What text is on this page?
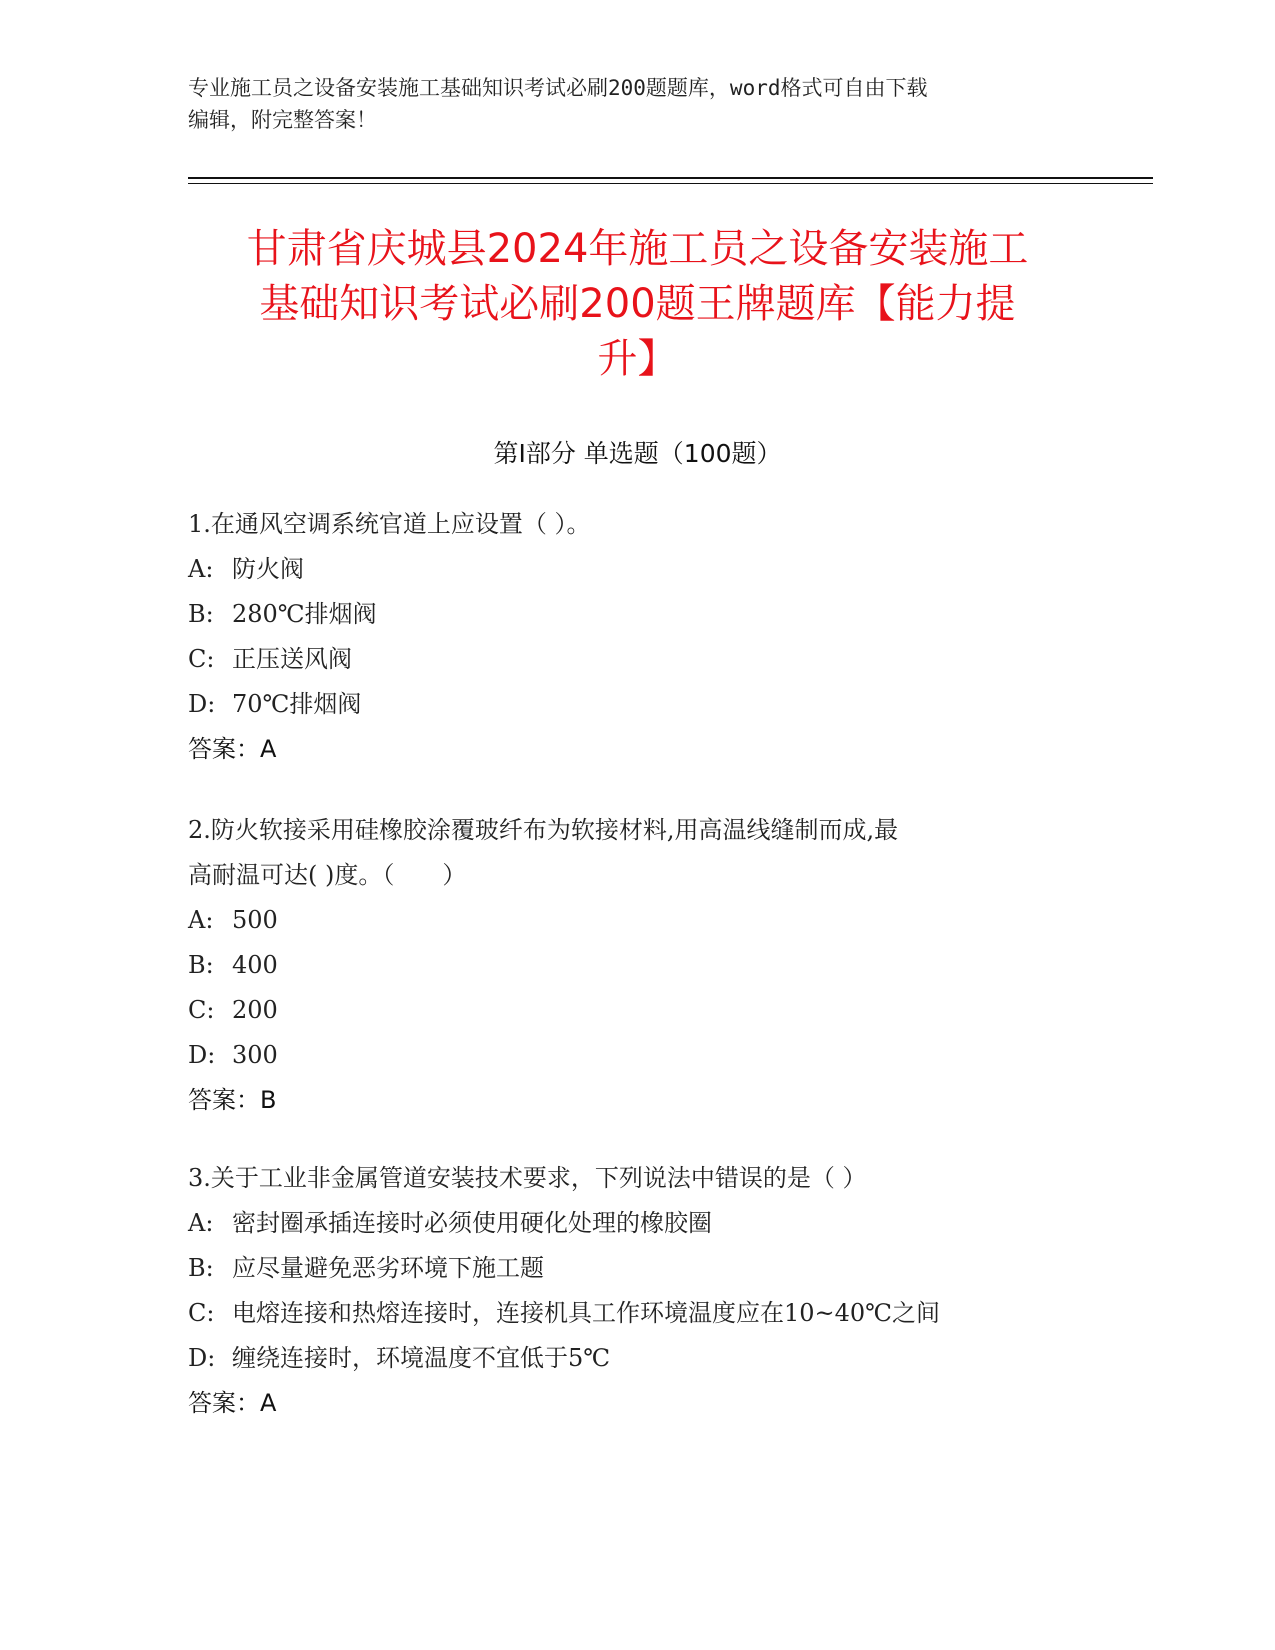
专业施工员之设备安装施工基础知识考试必刷200题题库，word格式可自由下载
编辑，附完整答案！
甘肃省庆城县2024年施工员之设备安装施工
基础知识考试必刷200题王牌题库【能力提
升】
第Ⅰ部分 单选题（100题）
1.在通风空调系统官道上应设置（ ）。
A: 防火阀
B: 280℃排烟阀
C: 正压送风阀
D: 70℃排烟阀
答案：A
2.防火软接采用硅橡胶涂覆玻纤布为软接材料,用高温线缝制而成,最
高耐温可达( )度。（　　）
A: 500
B: 400
C: 200
D: 300
答案：B
3.关于工业非金属管道安装技术要求，下列说法中错误的是（ ）
A: 密封圈承插连接时必须使用硬化处理的橡胶圈
B: 应尽量避免恶劣环境下施工题
C: 电熔连接和热熔连接时，连接机具工作环境温度应在10~40℃之间
D: 缠绕连接时，环境温度不宜低于5℃
答案：A
